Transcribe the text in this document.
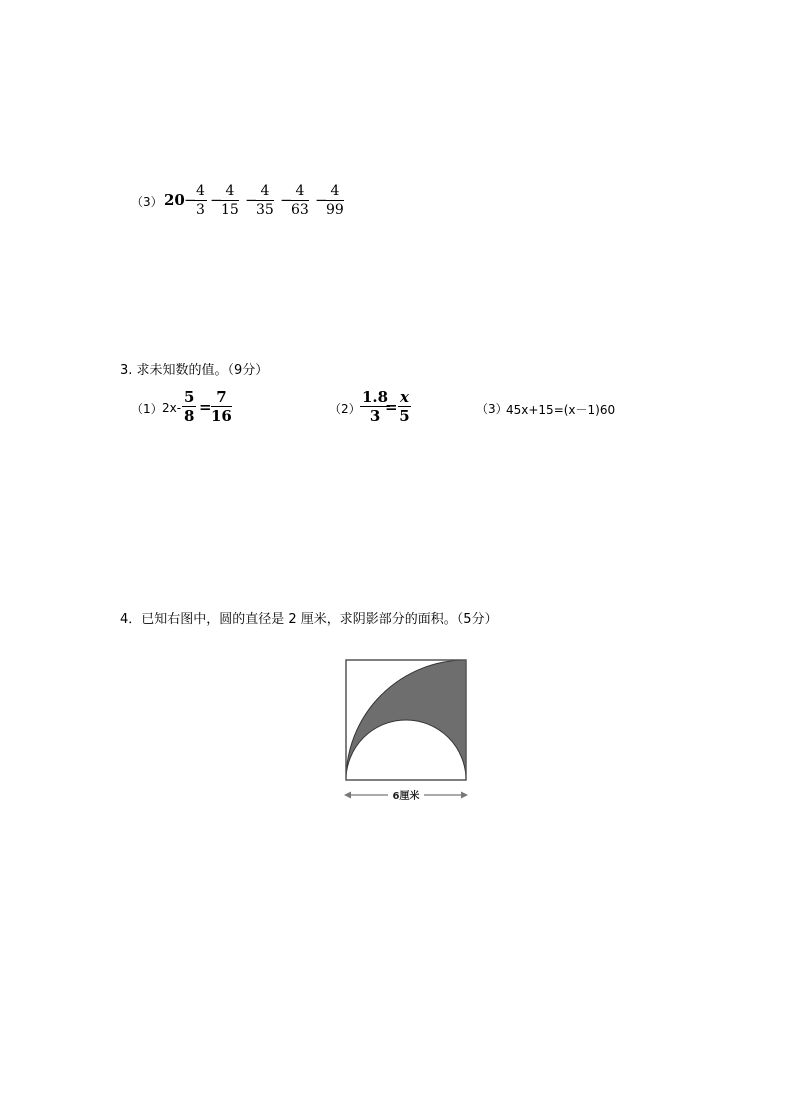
（3） 20 − 4
3
− 4
15
− 4
35
− 4
63
− 4
99
3. 求未知数的值。（9分）
（1） 2x-
5
8 =
7
16	（2）
1.8
3 =
x
5	（3）
45x+15=(x－1)60
4．已知右图中，圆的直径是 2 厘米，求阴影部分的面积。（5分）
6厘米
